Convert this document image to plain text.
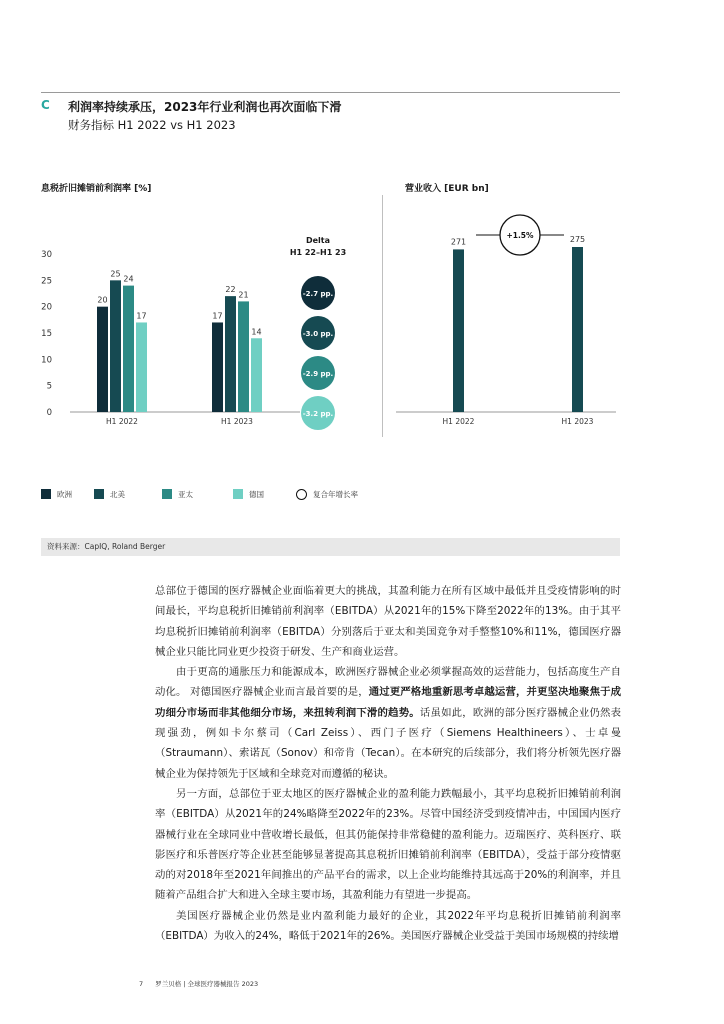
C 利润率持续承压，2023年行业利润也再次面临下滑
财务指标 H1 2022 vs H1 2023
息税折旧摊销前利润率 [%]	营业收入 [EUR bn]
30
25
20
15
10
5
0
20
25
24
17
H1 2022
17
22
21
14
H1 2023
Delta
H1 22–H1 23
-2.7 pp.
-3.0 pp.
-2.9 pp.
-3.2 pp.
271
H1 2022
275
H1 2023
+1.5%
欧洲	北美	亚太	德国	复合年增长率
资料来源：CapIQ, Roland Berger

总部位于德国的医疗器械企业面临着更大的挑战，其盈利能力在所有区域中最低并且受疫情影响的时间最长，平均息税折旧摊销前利润率（EBITDA）从2021年的15%下降至2022年的13%。由于其平均息税折旧摊销前利润率（EBITDA）分别落后于亚太和美国竞争对手整整10%和11%，德国医疗器械企业只能比同业更少投资于研发、生产和商业运营。

由于更高的通胀压力和能源成本，欧洲医疗器械企业必须掌握高效的运营能力，包括高度生产自动化。 对德国医疗器械企业而言最首要的是，通过更严格地重新思考卓越运营，并更坚决地聚焦于成功细分市场而非其他细分市场，来扭转利润下滑的趋势。话虽如此，欧洲的部分医疗器械企业仍然表现强劲，例如卡尔蔡司（Carl Zeiss）、西门子医疗（Siemens Healthineers）、士卓曼（Straumann）、索诺瓦（Sonov）和帝肯（Tecan）。在本研究的后续部分，我们将分析领先医疗器械企业为保持领先于区域和全球竞对而遵循的秘诀。

另一方面，总部位于亚太地区的医疗器械企业的盈利能力跌幅最小，其平均息税折旧摊销前利润率（EBITDA）从2021年的24%略降至2022年的23%。尽管中国经济受到疫情冲击，中国国内医疗器械行业在全球同业中营收增长最低，但其仍能保持非常稳健的盈利能力。迈瑞医疗、英科医疗、联影医疗和乐普医疗等企业甚至能够显著提高其息税折旧摊销前利润率（EBITDA），受益于部分疫情驱动的对2018年至2021年间推出的产品平台的需求，以上企业均能维持其远高于20%的利润率，并且随着产品组合扩大和进入全球主要市场，其盈利能力有望进一步提高。

美国医疗器械企业仍然是业内盈利能力最好的企业，其2022年平均息税折旧摊销前利润率（EBITDA）为收入的24%，略低于2021年的26%。美国医疗器械企业受益于美国市场规模的持续增

7 罗兰贝格 | 全球医疗器械报告 2023
